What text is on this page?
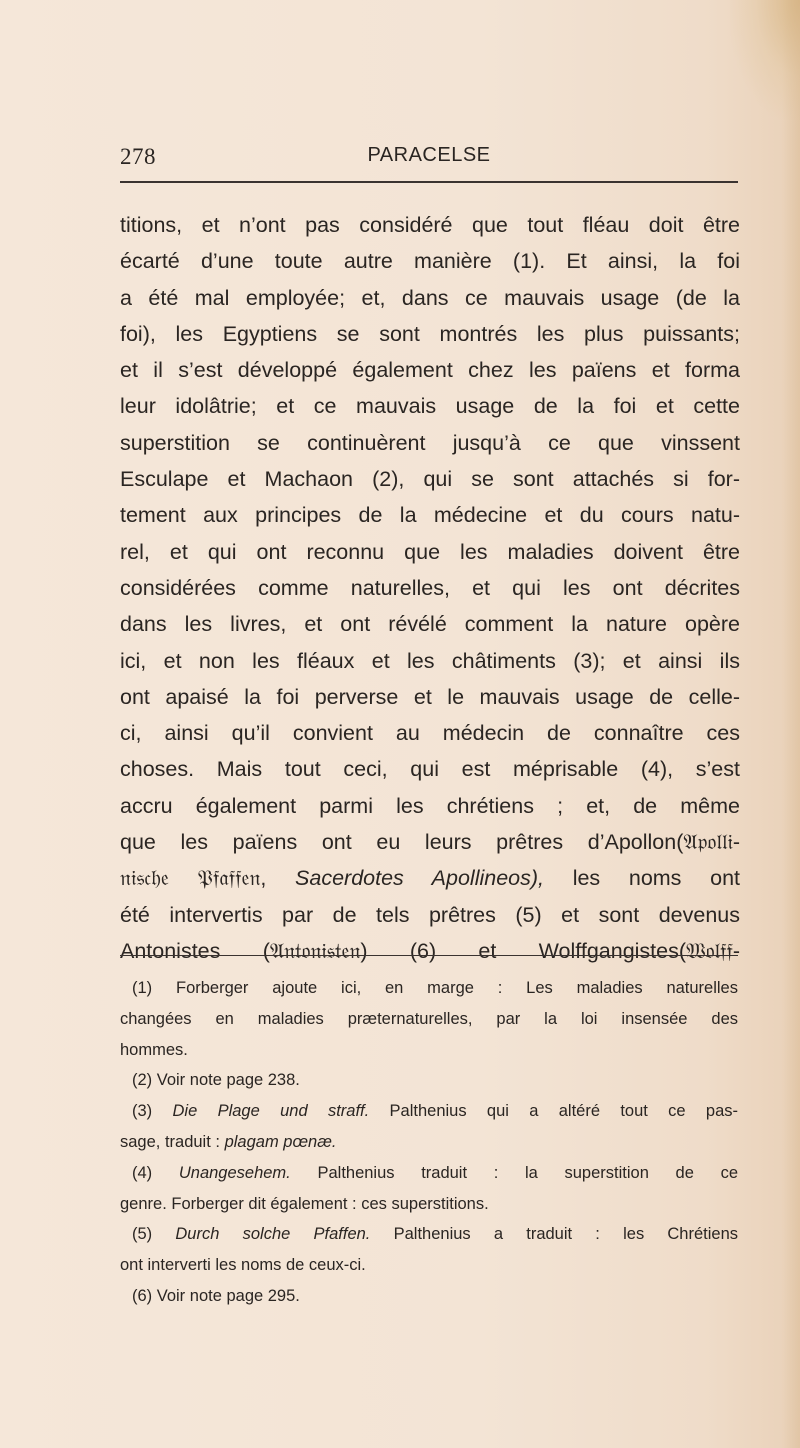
278	PARACELSE
titions, et n’ont pas considéré que tout fléau doit être
écarté d’une toute autre manière (1). Et ainsi, la foi
a été mal employée; et, dans ce mauvais usage (de la
foi), les Egyptiens se sont montrés les plus puissants;
et il s’est développé également chez les païens et forma
leur idolâtrie; et ce mauvais usage de la foi et cette
superstition se continuèrent jusqu’à ce que vinssent
Esculape et Machaon (2), qui se sont attachés si for-
tement aux principes de la médecine et du cours natu-
rel, et qui ont reconnu que les maladies doivent être
considérées comme naturelles, et qui les ont décrites
dans les livres, et ont révélé comment la nature opère
ici, et non les fléaux et les châtiments (3); et ainsi ils
ont apaisé la foi perverse et le mauvais usage de celle-
ci, ainsi qu’il convient au médecin de connaître ces
choses. Mais tout ceci, qui est méprisable (4), s’est
accru également parmi les chrétiens ; et, de même
que les païens ont eu leurs prêtres d’Apollon(𝔄𝔭𝔬𝔩𝔩𝔦-
𝔫𝔦𝔰𝔠𝔥𝔢 𝔓𝔣𝔞𝔣𝔣𝔢𝔫, Sacerdotes Apollineos), les noms ont
été intervertis par de tels prêtres (5) et sont devenus
Antonistes (𝔄𝔫𝔱𝔬𝔫𝔦𝔰𝔱𝔢𝔫) (6) et Wolffgangistes(𝔚𝔬𝔩𝔣𝔣-
(1) Forberger ajoute ici, en marge : Les maladies naturelles
changées en maladies præternaturelles, par la loi insensée des
hommes.
(2) Voir note page 238.
(3) Die Plage und straff. Palthenius qui a altéré tout ce pas-
sage, traduit : plagam pœnæ.
(4) Unangesehem. Palthenius traduit : la superstition de ce
genre. Forberger dit également : ces superstitions.
(5) Durch solche Pfaffen. Palthenius a traduit : les Chrétiens
ont interverti les noms de ceux-ci.
(6) Voir note page 295.
